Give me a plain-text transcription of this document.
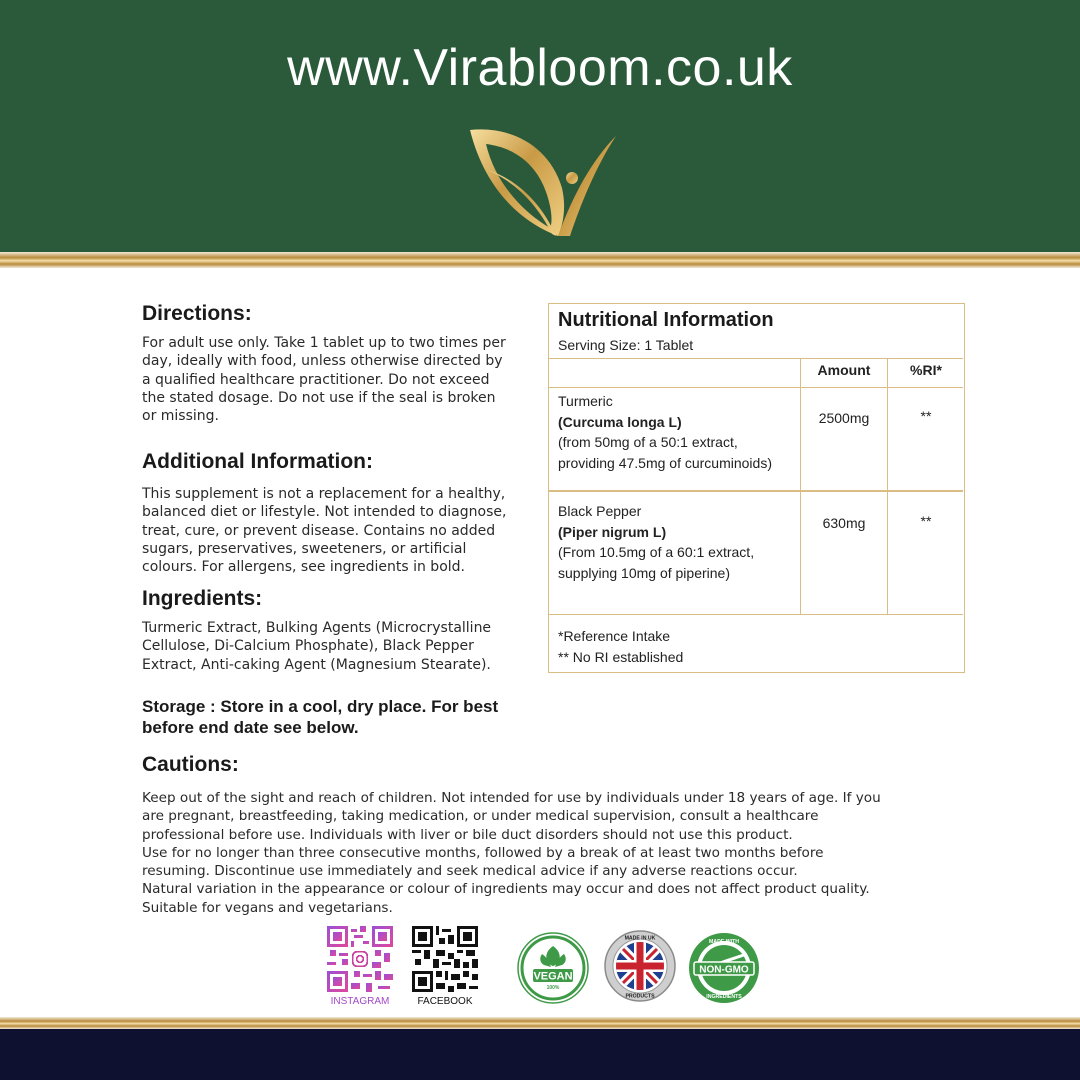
www.Virabloom.co.uk
Directions:
For adult use only. Take 1 tablet up to two times per
day, ideally with food, unless otherwise directed by
a qualified healthcare practitioner. Do not exceed
the stated dosage. Do not use if the seal is broken
or missing.
Additional Information:
This supplement is not a replacement for a healthy,
balanced diet or lifestyle. Not intended to diagnose,
treat, cure, or prevent disease. Contains no added
sugars, preservatives, sweeteners, or artificial
colours. For allergens, see ingredients in bold.
Ingredients:
Turmeric Extract, Bulking Agents (Microcrystalline
Cellulose, Di-Calcium Phosphate), Black Pepper
Extract, Anti-caking Agent (Magnesium Stearate).
Storage : Store in a cool, dry place. For best
before end date see below.
Cautions:
Keep out of the sight and reach of children. Not intended for use by individuals under 18 years of age. If you
are pregnant, breastfeeding, taking medication, or under medical supervision, consult a healthcare
professional before use. Individuals with liver or bile duct disorders should not use this product.
Use for no longer than three consecutive months, followed by a break of at least two months before
resuming. Discontinue use immediately and seek medical advice if any adverse reactions occur.
Natural variation in the appearance or colour of ingredients may occur and does not affect product quality.
Suitable for vegans and vegetarians.
Nutritional Information
Serving Size: 1 Tablet
Amount	%RI*
Turmeric
(Curcuma longa L)
(from 50mg of a 50:1 extract,
providing 47.5mg of curcuminoids)
2500mg	**
Black Pepper
(Piper nigrum L)
(From 10.5mg of a 60:1 extract,
supplying 10mg of piperine)
630mg	**
*Reference Intake
** No RI established
INSTAGRAM	FACEBOOK
VEGAN
100%
MADE IN UK
PRODUCTS
NON-GMO
MADE WITH
INGREDIENTS
